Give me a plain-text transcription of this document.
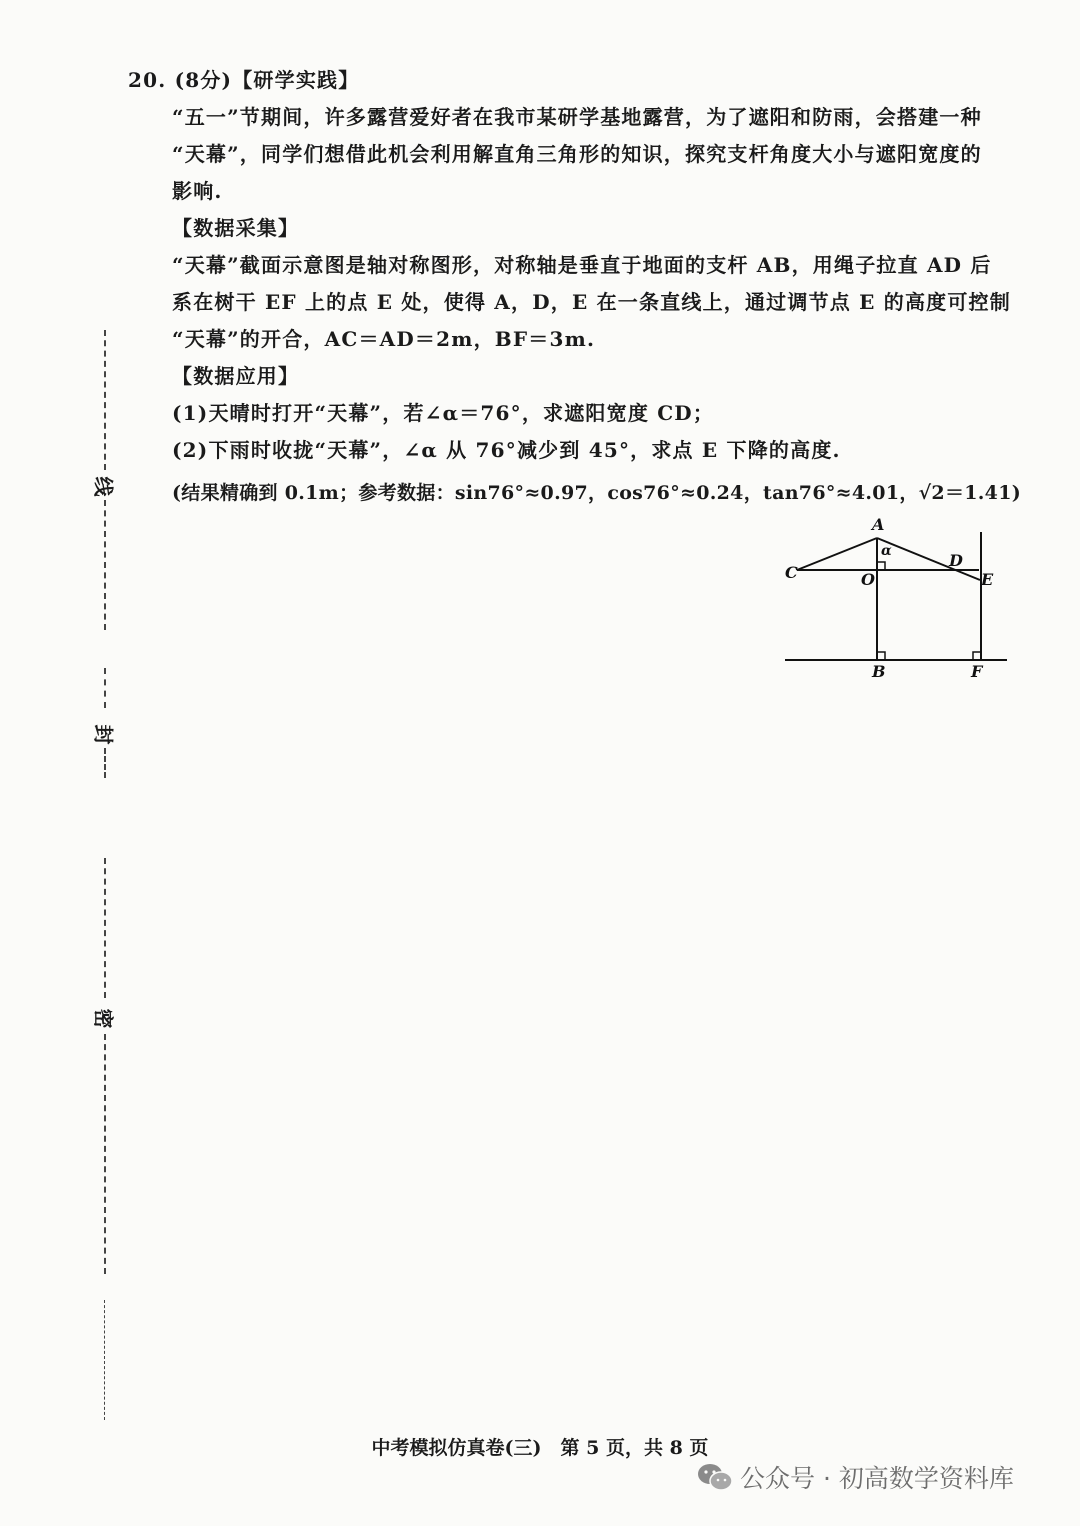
线
封
密
20. (8分)【研学实践】
“五一”节期间，许多露营爱好者在我市某研学基地露营，为了遮阳和防雨，会搭建一种
“天幕”，同学们想借此机会利用解直角三角形的知识，探究支杆角度大小与遮阳宽度的
影响.
【数据采集】
“天幕”截面示意图是轴对称图形，对称轴是垂直于地面的支杆 AB，用绳子拉直 AD 后
系在树干 EF 上的点 E 处，使得 A，D，E 在一条直线上，通过调节点 E 的高度可控制
“天幕”的开合，AC＝AD＝2m，BF＝3m.
【数据应用】
(1)天晴时打开“天幕”，若∠α＝76°，求遮阳宽度 CD；
(2)下雨时收拢“天幕”，∠α 从 76°减少到 45°，求点 E 下降的高度.
(结果精确到 0.1m；参考数据：sin76°≈0.97，cos76°≈0.24，tan76°≈4.01，√2＝1.41)
A
B
C
D
E
F
O
α
中考模拟仿真卷(三)　第 5 页，共 8 页
公众号 · 初高数学资料库
